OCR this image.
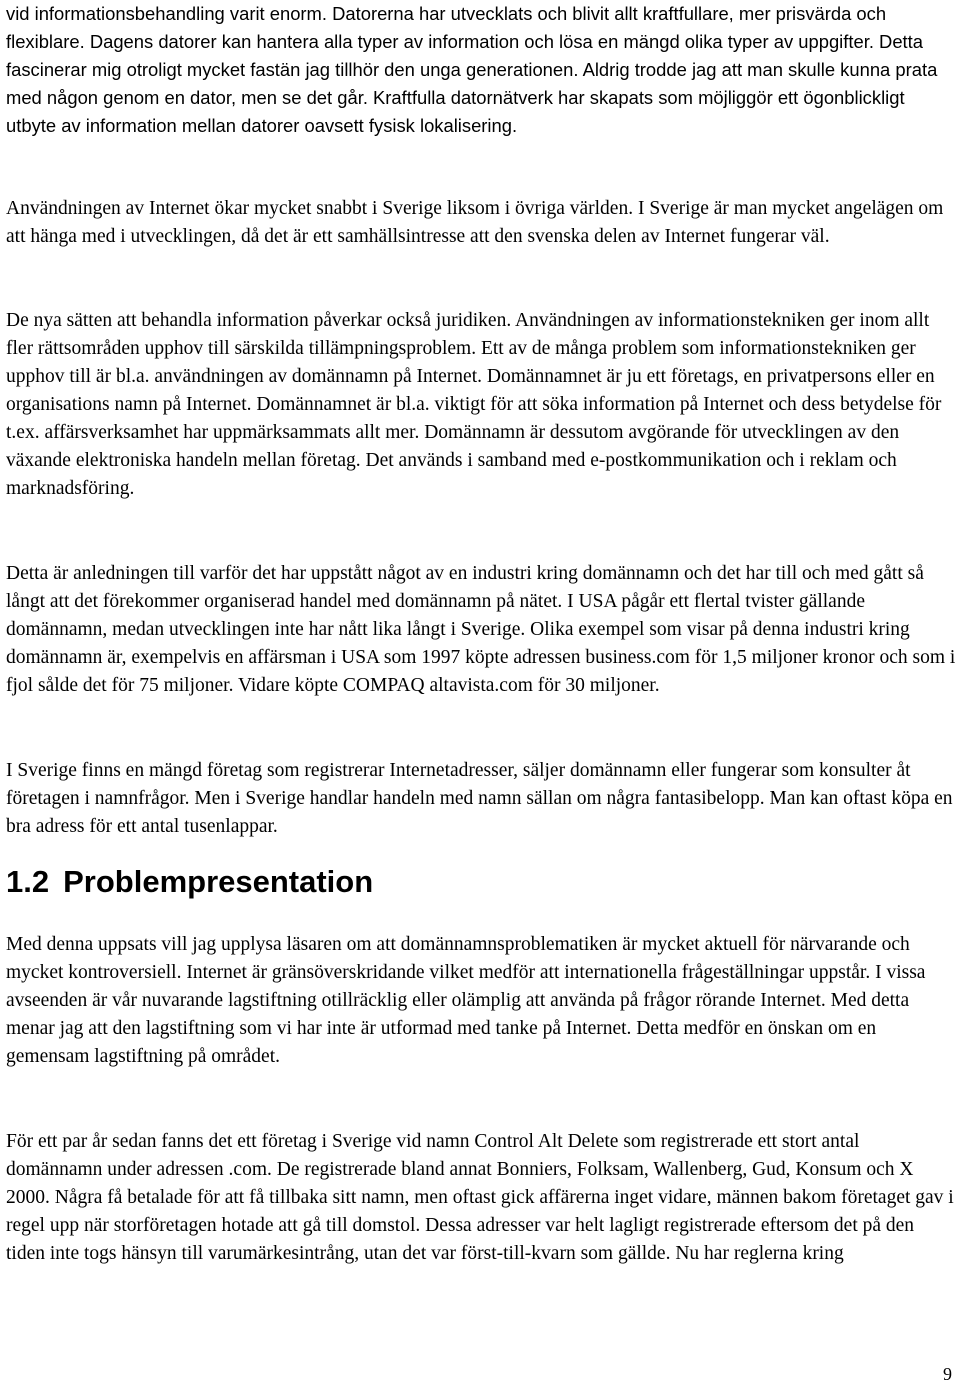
vid informationsbehandling varit enorm. Datorerna har utvecklats och blivit allt kraftfullare, mer prisvärda och flexiblare. Dagens datorer kan hantera alla typer av information och lösa en mängd olika typer av uppgifter. Detta fascinerar mig otroligt mycket fastän jag tillhör den unga generationen. Aldrig trodde jag att man skulle kunna prata med någon genom en dator, men se det går. Kraftfulla datornätverk har skapats som möjliggör ett ögonblickligt utbyte av information mellan datorer oavsett fysisk lokalisering.

Användningen av Internet ökar mycket snabbt i Sverige liksom i övriga världen. I Sverige är man mycket angelägen om att hänga med i utvecklingen, då det är ett samhällsintresse att den svenska delen av Internet fungerar väl.

De nya sätten att behandla information påverkar också juridiken. Användningen av informationstekniken ger inom allt fler rättsområden upphov till särskilda tillämpningsproblem. Ett av de många problem som informationstekniken ger upphov till är bl.a. användningen av domännamn på Internet. Domännamnet är ju ett företags, en privatpersons eller en organisations namn på Internet. Domännamnet är bl.a. viktigt för att söka information på Internet och dess betydelse för t.ex. affärsverksamhet har uppmärksammats allt mer. Domännamn är dessutom avgörande för utvecklingen av den växande elektroniska handeln mellan företag. Det används i samband med e-postkommunikation och i reklam och marknadsföring.

Detta är anledningen till varför det har uppstått något av en industri kring domännamn och det har till och med gått så långt att det förekommer organiserad handel med domännamn på nätet. I USA pågår ett flertal tvister gällande domännamn, medan utvecklingen inte har nått lika långt i Sverige. Olika exempel som visar på denna industri kring domännamn är, exempelvis en affärsman i USA som 1997 köpte adressen business.com för 1,5 miljoner kronor och som i fjol sålde det för 75 miljoner. Vidare köpte COMPAQ altavista.com för 30 miljoner.

I Sverige finns en mängd företag som registrerar Internetadresser, säljer domännamn eller fungerar som konsulter åt företagen i namnfrågor. Men i Sverige handlar handeln med namn sällan om några fantasibelopp. Man kan oftast köpa en bra adress för ett antal tusenlappar.

1.2 Problempresentation

Med denna uppsats vill jag upplysa läsaren om att domännamnsproblematiken är mycket aktuell för närvarande och mycket kontroversiell. Internet är gränsöverskridande vilket medför att internationella frågeställningar uppstår. I vissa avseenden är vår nuvarande lagstiftning otillräcklig eller olämplig att använda på frågor rörande Internet. Med detta menar jag att den lagstiftning som vi har inte är utformad med tanke på Internet. Detta medför en önskan om en gemensam lagstiftning på området.

För ett par år sedan fanns det ett företag i Sverige vid namn Control Alt Delete som registrerade ett stort antal domännamn under adressen .com. De registrerade bland annat Bonniers, Folksam, Wallenberg, Gud, Konsum och X 2000. Några få betalade för att få tillbaka sitt namn, men oftast gick affärerna inget vidare, männen bakom företaget gav i regel upp när storföretagen hotade att gå till domstol. Dessa adresser var helt lagligt registrerade eftersom det på den tiden inte togs hänsyn till varumärkesintrång, utan det var först-till-kvarn som gällde. Nu har reglerna kring

9
